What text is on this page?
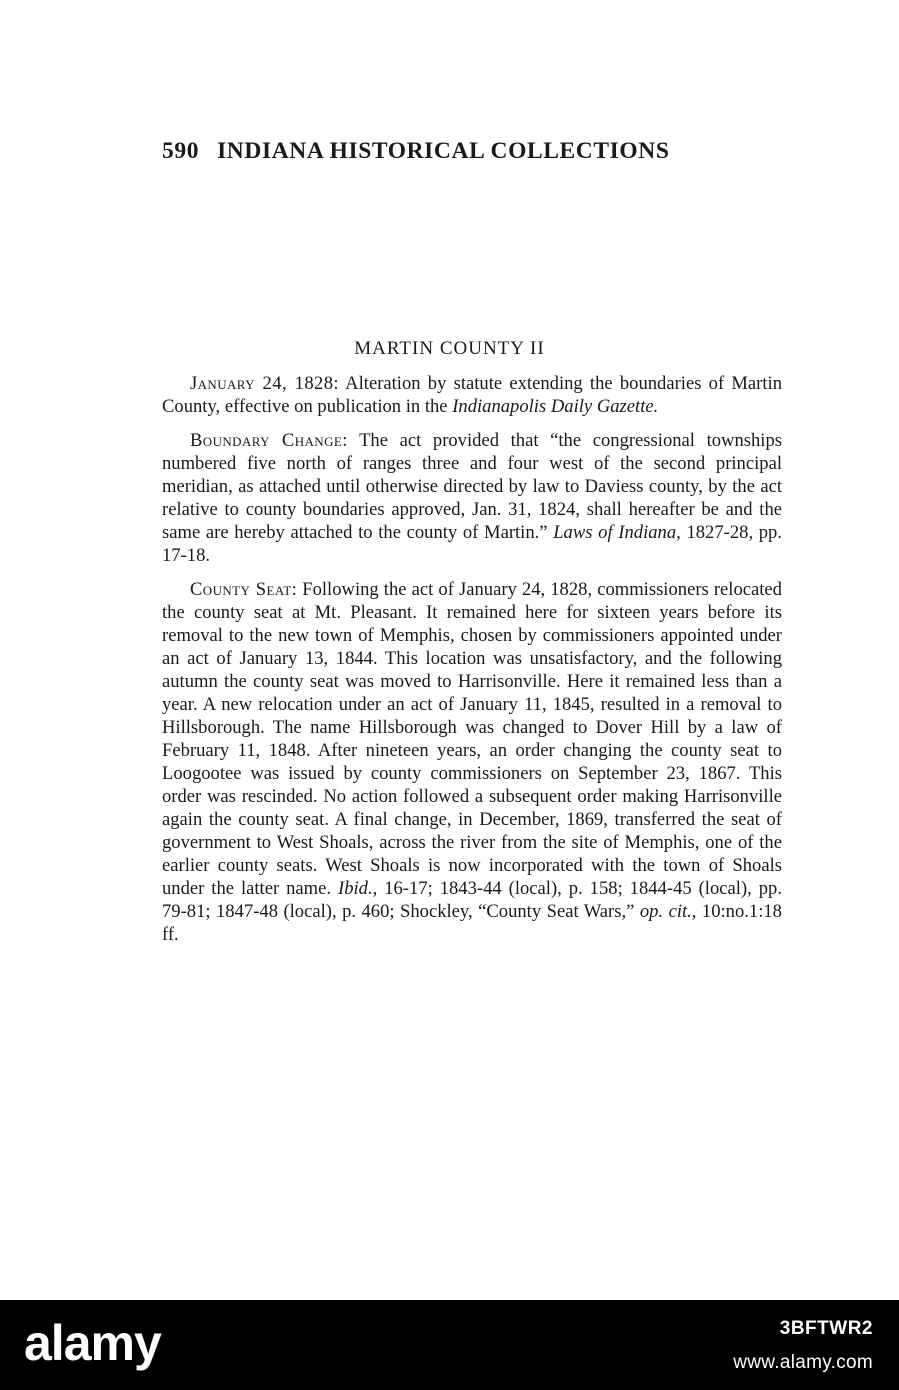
590 INDIANA HISTORICAL COLLECTIONS
MARTIN COUNTY II

January 24, 1828: Alteration by statute extending the boundaries of Martin County, effective on publication in the Indianapolis Daily Gazette.

Boundary Change: The act provided that “the congressional townships numbered five north of ranges three and four west of the second principal meridian, as attached until otherwise directed by law to Daviess county, by the act relative to county boundaries approved, Jan. 31, 1824, shall hereafter be and the same are hereby attached to the county of Martin.” Laws of Indiana, 1827-28, pp. 17-18.

County Seat: Following the act of January 24, 1828, commissioners relocated the county seat at Mt. Pleasant. It remained here for sixteen years before its removal to the new town of Memphis, chosen by commissioners appointed under an act of January 13, 1844. This location was unsatisfactory, and the following autumn the county seat was moved to Harrisonville. Here it remained less than a year. A new relocation under an act of January 11, 1845, resulted in a removal to Hillsborough. The name Hillsborough was changed to Dover Hill by a law of February 11, 1848. After nineteen years, an order changing the county seat to Loogootee was issued by county commissioners on September 23, 1867. This order was rescinded. No action followed a subsequent order making Harrisonville again the county seat. A final change, in December, 1869, transferred the seat of government to West Shoals, across the river from the site of Memphis, one of the earlier county seats. West Shoals is now incorporated with the town of Shoals under the latter name. Ibid., 16-17; 1843-44 (local), p. 158; 1844-45 (local), pp. 79-81; 1847-48 (local), p. 460; Shockley, “County Seat Wars,” op. cit., 10:no.1:18 ff.

alamy	3BFTWR2
www.alamy.com
